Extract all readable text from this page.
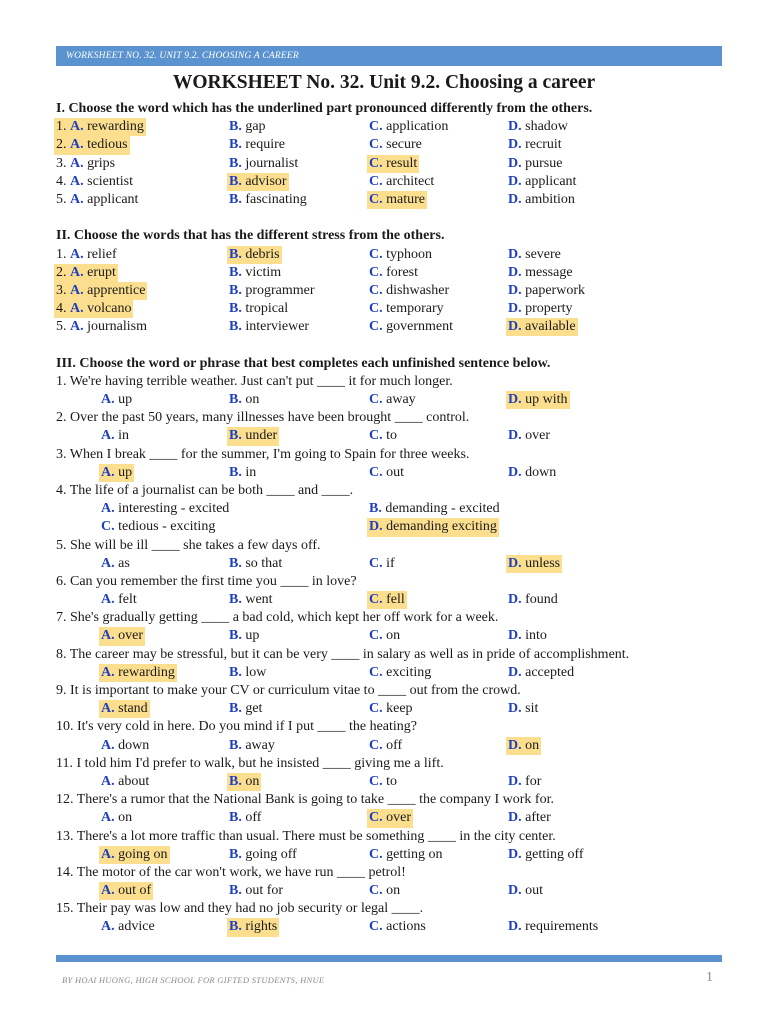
WORKSHEET NO. 32. UNIT 9.2. CHOOSING A CAREER
WORKSHEET No. 32. Unit 9.2. Choosing a career
I. Choose the word which has the underlined part pronounced differently from the others.
1. A. rewarding	B. gap	C. application	D. shadow
2. A. tedious	B. require	C. secure	D. recruit
3. A. grips	B. journalist	C. result	D. pursue
4. A. scientist	B. advisor	C. architect	D. applicant
5. A. applicant	B. fascinating	C. mature	D. ambition
II. Choose the words that has the different stress from the others.
1. A. relief	B. debris	C. typhoon	D. severe
2. A. erupt	B. victim	C. forest	D. message
3. A. apprentice	B. programmer	C. dishwasher	D. paperwork
4. A. volcano	B. tropical	C. temporary	D. property
5. A. journalism	B. interviewer	C. government	D. available
III. Choose the word or phrase that best completes each unfinished sentence below.
1. We're having terrible weather. Just can't put ____ it for much longer.
A. up	B. on	C. away	D. up with
2. Over the past 50 years, many illnesses have been brought ____ control.
A. in	B. under	C. to	D. over
3. When I break ____ for the summer, I'm going to Spain for three weeks.
A. up	B. in	C. out	D. down
4. The life of a journalist can be both ____ and ____.
A. interesting - excited	B. demanding - excited
C. tedious - exciting	D. demanding exciting
5. She will be ill ____ she takes a few days off.
A. as	B. so that	C. if	D. unless
6. Can you remember the first time you ____ in love?
A. felt	B. went	C. fell	D. found
7. She's gradually getting ____ a bad cold, which kept her off work for a week.
A. over	B. up	C. on	D. into
8. The career may be stressful, but it can be very ____ in salary as well as in pride of accomplishment.
A. rewarding	B. low	C. exciting	D. accepted
9. It is important to make your CV or curriculum vitae to ____ out from the crowd.
A. stand	B. get	C. keep	D. sit
10. It's very cold in here. Do you mind if I put ____ the heating?
A. down	B. away	C. off	D. on
11. I told him I'd prefer to walk, but he insisted ____ giving me a lift.
A. about	B. on	C. to	D. for
12. There's a rumor that the National Bank is going to take ____ the company I work for.
A. on	B. off	C. over	D. after
13. There's a lot more traffic than usual. There must be something ____ in the city center.
A. going on	B. going off	C. getting on	D. getting off
14. The motor of the car won't work, we have run ____ petrol!
A. out of	B. out for	C. on	D. out
15. Their pay was low and they had no job security or legal ____.
A. advice	B. rights	C. actions	D. requirements
BY HOAI HUONG, HIGH SCHOOL FOR GIFTED STUDENTS, HNUE	1
